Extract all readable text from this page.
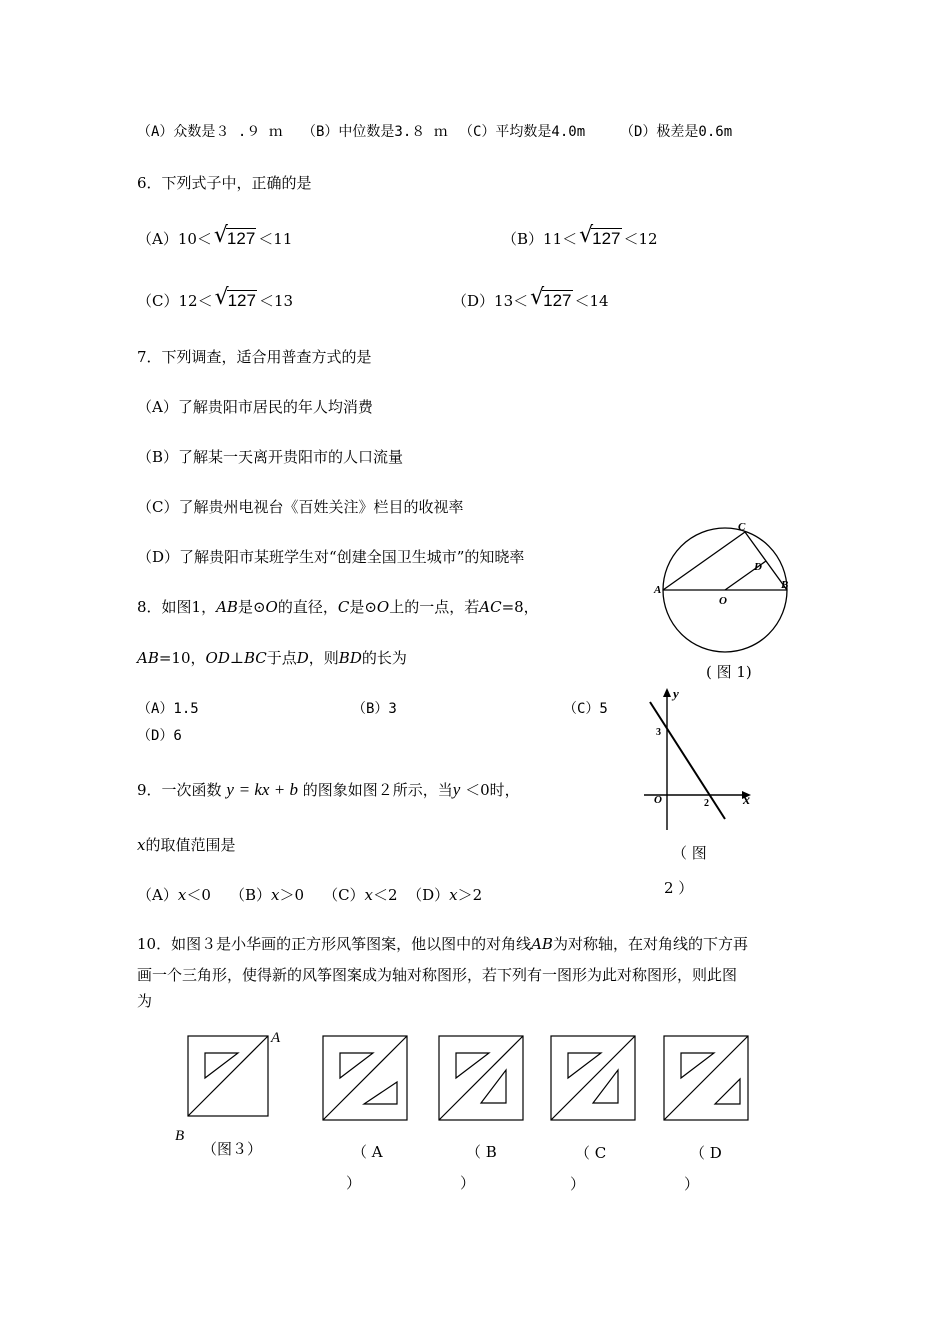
（A）众数是３ .９ ｍ （B）中位数是3.８ ｍ （C）平均数是4.0m （D）极差是0.6m
6．下列式子中，正确的是
（A）10＜ √
127 ＜11	（B）11＜ √
127 ＜12
（C）12＜ √
127 ＜13	（D）13＜ √
127 ＜14
7．下列调查，适合用普查方式的是
（A）了解贵阳市居民的年人均消费
（B）了解某一天离开贵阳市的人口流量
（C）了解贵州电视台《百姓关注》栏目的收视率
（D）了解贵阳市某班学生对“创建全国卫生城市”的知晓率
8．如图1，AB是⊙O的直径，C是⊙O上的一点，若AC=8，
AB=10，OD⊥BC于点D，则BD的长为
（A）1.5	（B）3	（C）5
（D）6
A	B
C
D
O
( 图 1)
9．一次函数 y = kx + b 的图象如图２所示，当y ＜0时，
x的取值范围是
（A）x＜0 （B）x＞0 （C）x＜2 （D）x＞2
y
x
O
3
2
（ 图
2 ）
10．如图３是小华画的正方形风筝图案，他以图中的对角线AB为对称轴，在对角线的下方再
画一个三角形，使得新的风筝图案成为轴对称图形，若下列有一图形为此对称图形，则此图
为
A
B
（图３）	（ A
）
（ B
）
（ C
）
（ D
）
